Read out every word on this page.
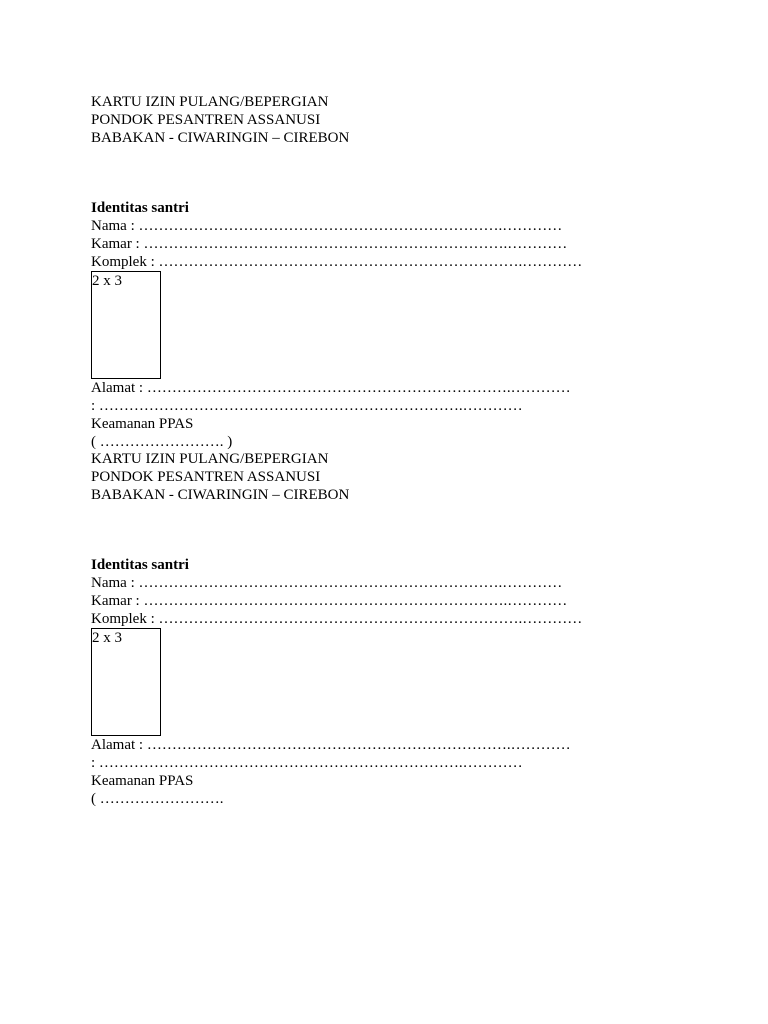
KARTU IZIN PULANG/BEPERGIAN
PONDOK PESANTREN ASSANUSI
BABAKAN - CIWARINGIN – CIREBON
Identitas santri
Nama : ……………………………………………………………….…………
Kamar : ……………………………………………………………….…………
Komplek : ……………………………………………………………….…………
2 x 3
Alamat : ……………………………………………………………….…………
: ……………………………………………………………….…………
Keamanan PPAS
( ……………………. )
KARTU IZIN PULANG/BEPERGIAN
PONDOK PESANTREN ASSANUSI
BABAKAN - CIWARINGIN – CIREBON
Identitas santri
Nama : ……………………………………………………………….…………
Kamar : ……………………………………………………………….…………
Komplek : ……………………………………………………………….…………
2 x 3
Alamat : ……………………………………………………………….…………
: ……………………………………………………………….…………
Keamanan PPAS
( …………………….
